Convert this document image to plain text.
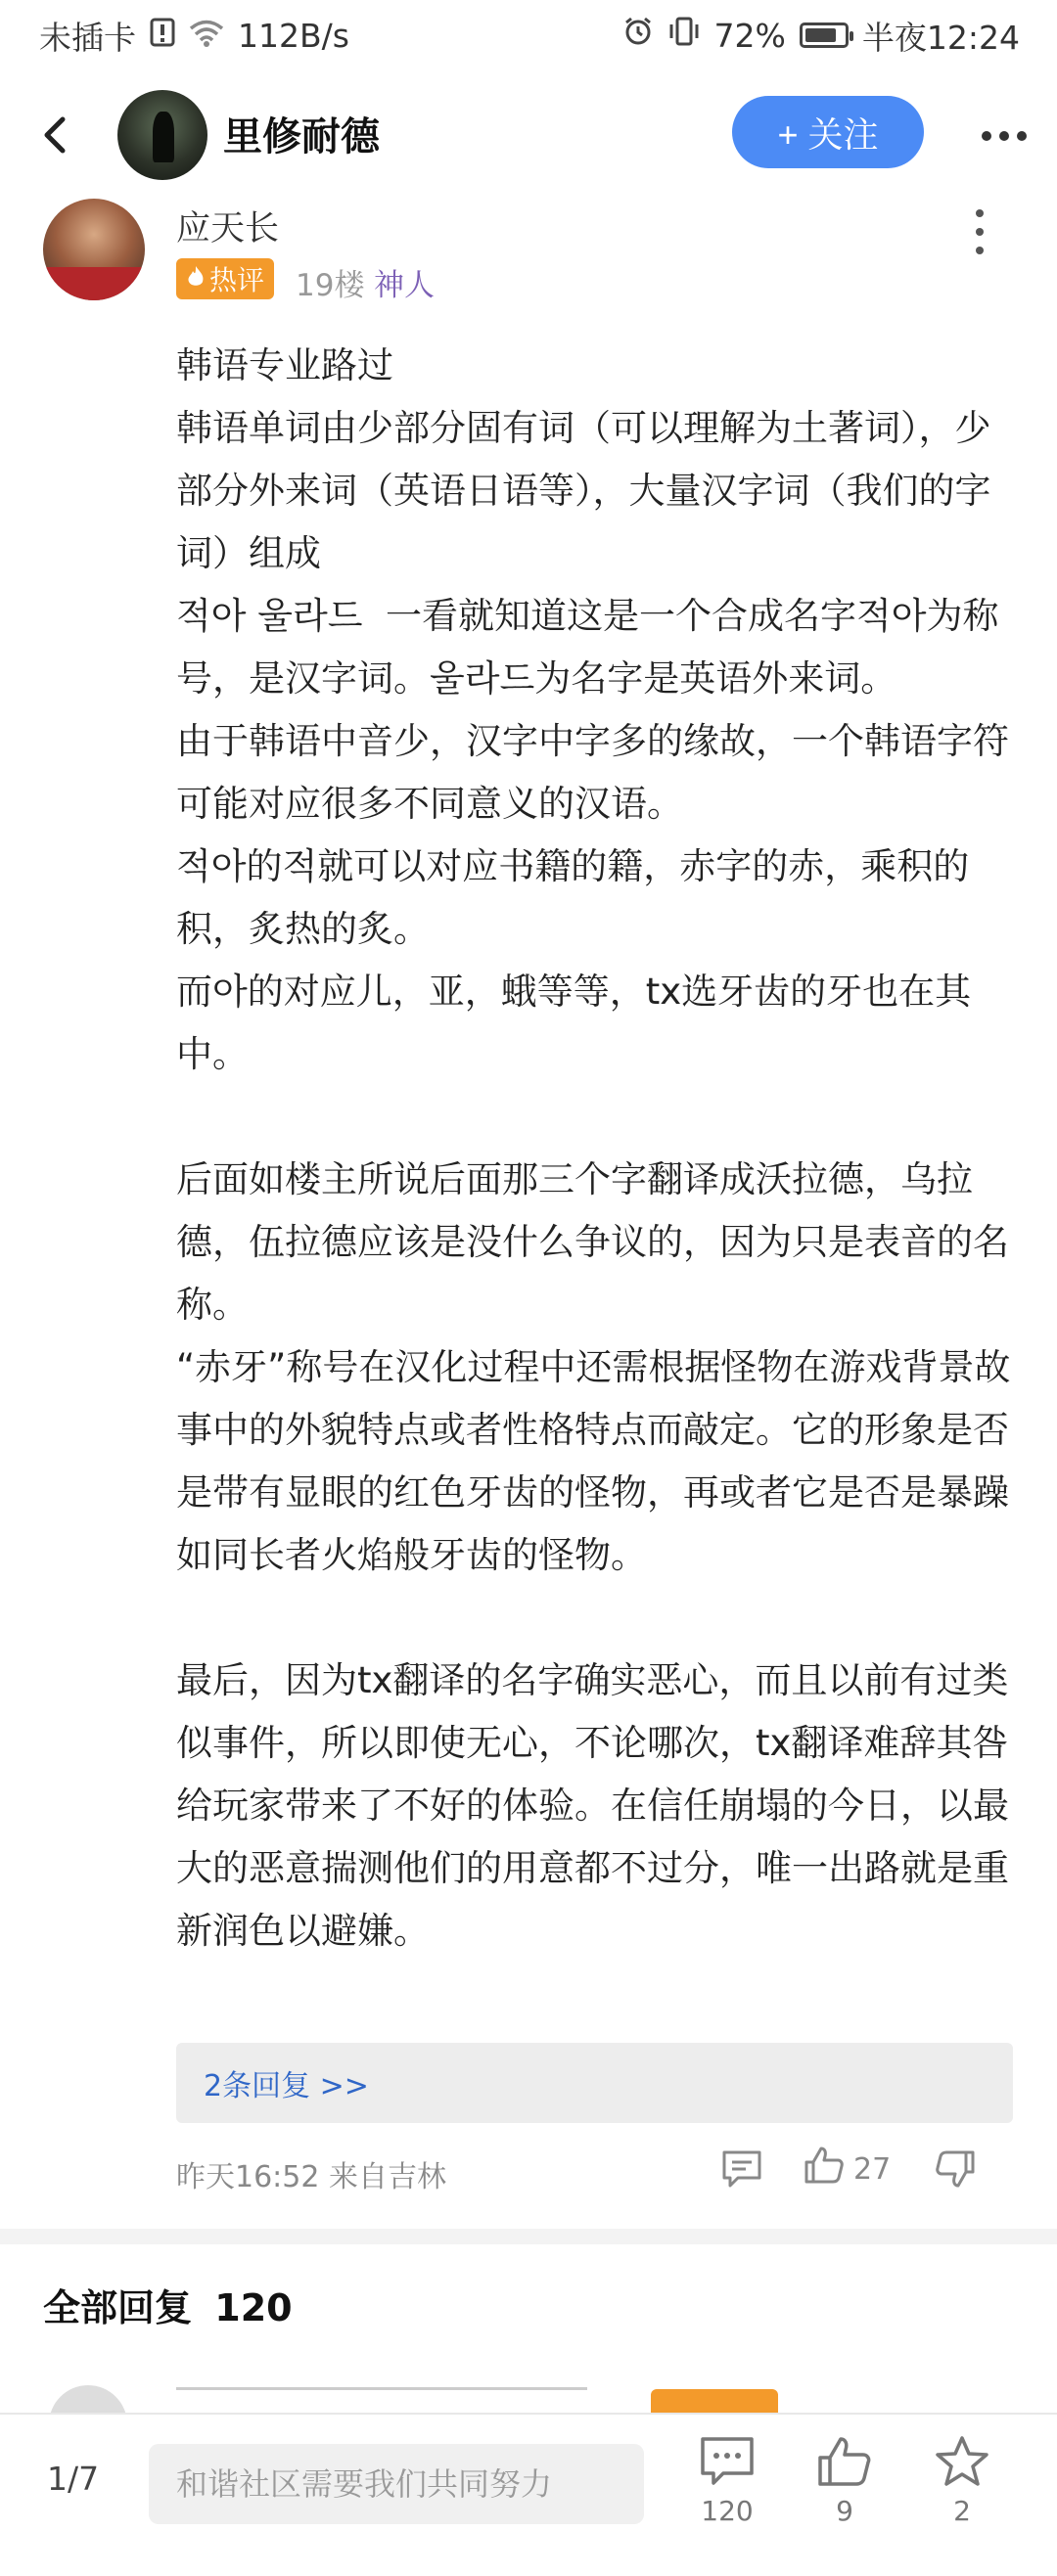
未插卡	112B/s	72% 半夜12:24
里修耐德	+ 关注
应天长
热评 19楼 神人

韩语专业路过

韩语单词由少部分固有词（可以理解为土著词），少部分外来词（英语日语等），大量汉字词（我们的字词）组成

적아 울라드  一看就知道这是一个合成名字적아为称号，是汉字词。울라드为名字是英语外来词。

由于韩语中音少，汉字中字多的缘故，一个韩语字符可能对应很多不同意义的汉语。

적아的적就可以对应书籍的籍，赤字的赤，乘积的积，炙热的炙。

而아的对应儿，亚，蛾等等，tx选牙齿的牙也在其中。

后面如楼主所说后面那三个字翻译成沃拉德，乌拉德，伍拉德应该是没什么争议的，因为只是表音的名称。

“赤牙”称号在汉化过程中还需根据怪物在游戏背景故事中的外貌特点或者性格特点而敲定。它的形象是否是带有显眼的红色牙齿的怪物，再或者它是否是暴躁如同长者火焰般牙齿的怪物。

最后，因为tx翻译的名字确实恶心，而且以前有过类似事件，所以即使无心，不论哪次，tx翻译难辞其咎给玩家带来了不好的体验。在信任崩塌的今日，以最大的恶意揣测他们的用意都不过分，唯一出路就是重新润色以避嫌。

2条回复 >>
昨天16:52 来自吉林	27
全部回复 120
1/7
和谐社区需要我们共同努力
120	9	2
